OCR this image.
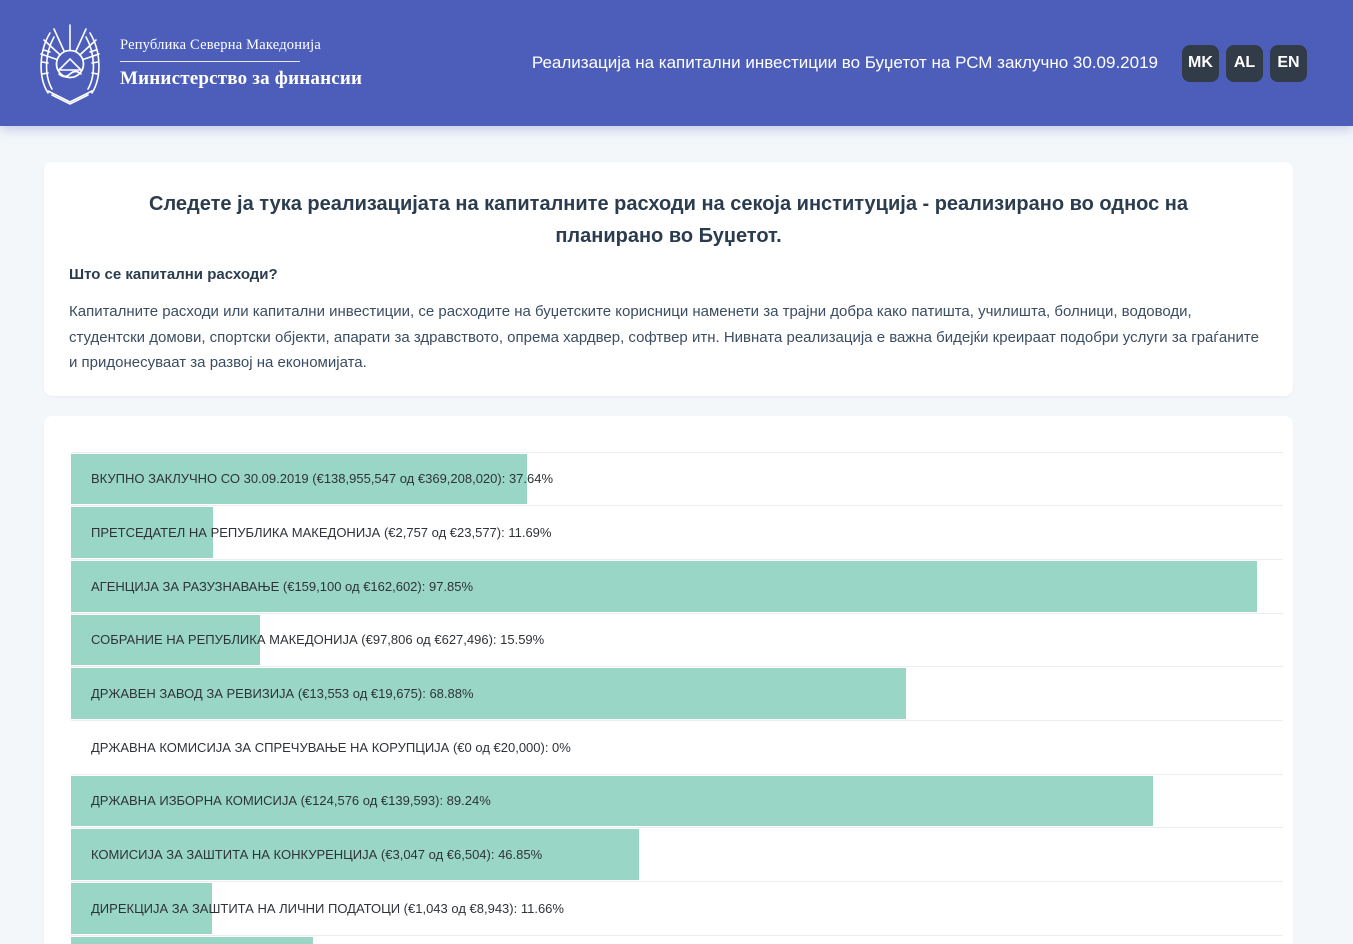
Република Северна Македонија
Министерство за финансии
Реализација на капитални инвестиции во Буџетот на РСМ заклучно 30.09.2019	MK	AL	EN
Следете ја тука реализацијата на капиталните расходи на секоја институција - реализирано во однос на планирано во Буџетот.
Што се капитални расходи?

Капиталните расходи или капитални инвестиции, се расходите на буџетските корисници наменети за трајни добра како патишта, училишта, болници, водоводи, студентски домови, спортски објекти, апарати за здравството, опрема хардвер, софтвер итн. Нивната реализација е важна бидејќи креираат подобри услуги за граѓаните и придонесуваат за развој на економијата.

ВКУПНО ЗАКЛУЧНО СО 30.09.2019 (€138,955,547 од €369,208,020): 37.64%
ПРЕТСЕДАТЕЛ НА РЕПУБЛИКА МАКЕДОНИЈА (€2,757 од €23,577): 11.69%
АГЕНЦИЈА ЗА РАЗУЗНАВАЊЕ (€159,100 од €162,602): 97.85%
СОБРАНИЕ НА РЕПУБЛИКА МАКЕДОНИЈА (€97,806 од €627,496): 15.59%
ДРЖАВЕН ЗАВОД ЗА РЕВИЗИЈА (€13,553 од €19,675): 68.88%
ДРЖАВНА КОМИСИЈА ЗА СПРЕЧУВАЊЕ НА КОРУПЦИЈА (€0 од €20,000): 0%
ДРЖАВНА ИЗБОРНА КОМИСИЈА (€124,576 од €139,593): 89.24%
КОМИСИЈА ЗА ЗАШТИТА НА КОНКУРЕНЦИЈА (€3,047 од €6,504): 46.85%
ДИРЕКЦИЈА ЗА ЗАШТИТА НА ЛИЧНИ ПОДАТОЦИ (€1,043 од €8,943): 11.66%
